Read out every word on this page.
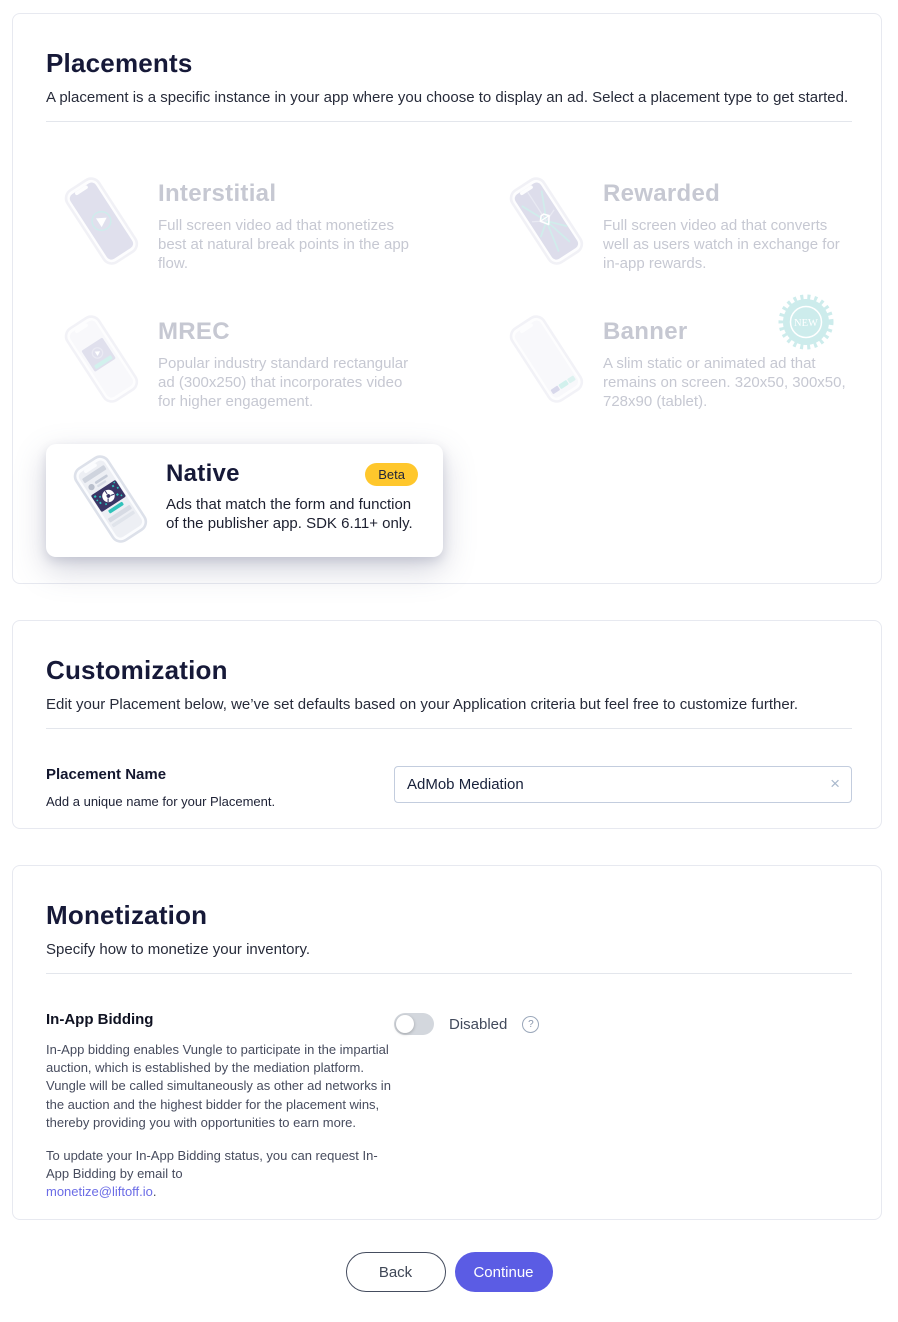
Placements
A placement is a specific instance in your app where you choose to display an ad. Select a placement type to get started.
Interstitial
Full screen video ad that monetizes best at natural break points in the app flow.
Rewarded
Full screen video ad that converts well as users watch in exchange for in-app rewards.
MREC
Popular industry standard rectangular ad (300x250) that incorporates video for higher engagement.
Banner
A slim static or animated ad that remains on screen. 320x50, 300x50, 728x90 (tablet).
NEW
Native	Beta
Ads that match the form and function of the publisher app. SDK 6.11+ only.
Customization
Edit your Placement below, we’ve set defaults based on your Application criteria but feel free to customize further.
Placement Name
Add a unique name for your Placement.
AdMob Mediation
×
Monetization
Specify how to monetize your inventory.
In-App Bidding
In-App bidding enables Vungle to participate in the impartial auction, which is established by the mediation platform. Vungle will be called simultaneously as other ad networks in the auction and the highest bidder for the placement wins, thereby providing you with opportunities to earn more.
To update your In-App Bidding status, you can request In-App Bidding by email to
monetize@liftoff.io.
Disabled	?
Back	Continue
